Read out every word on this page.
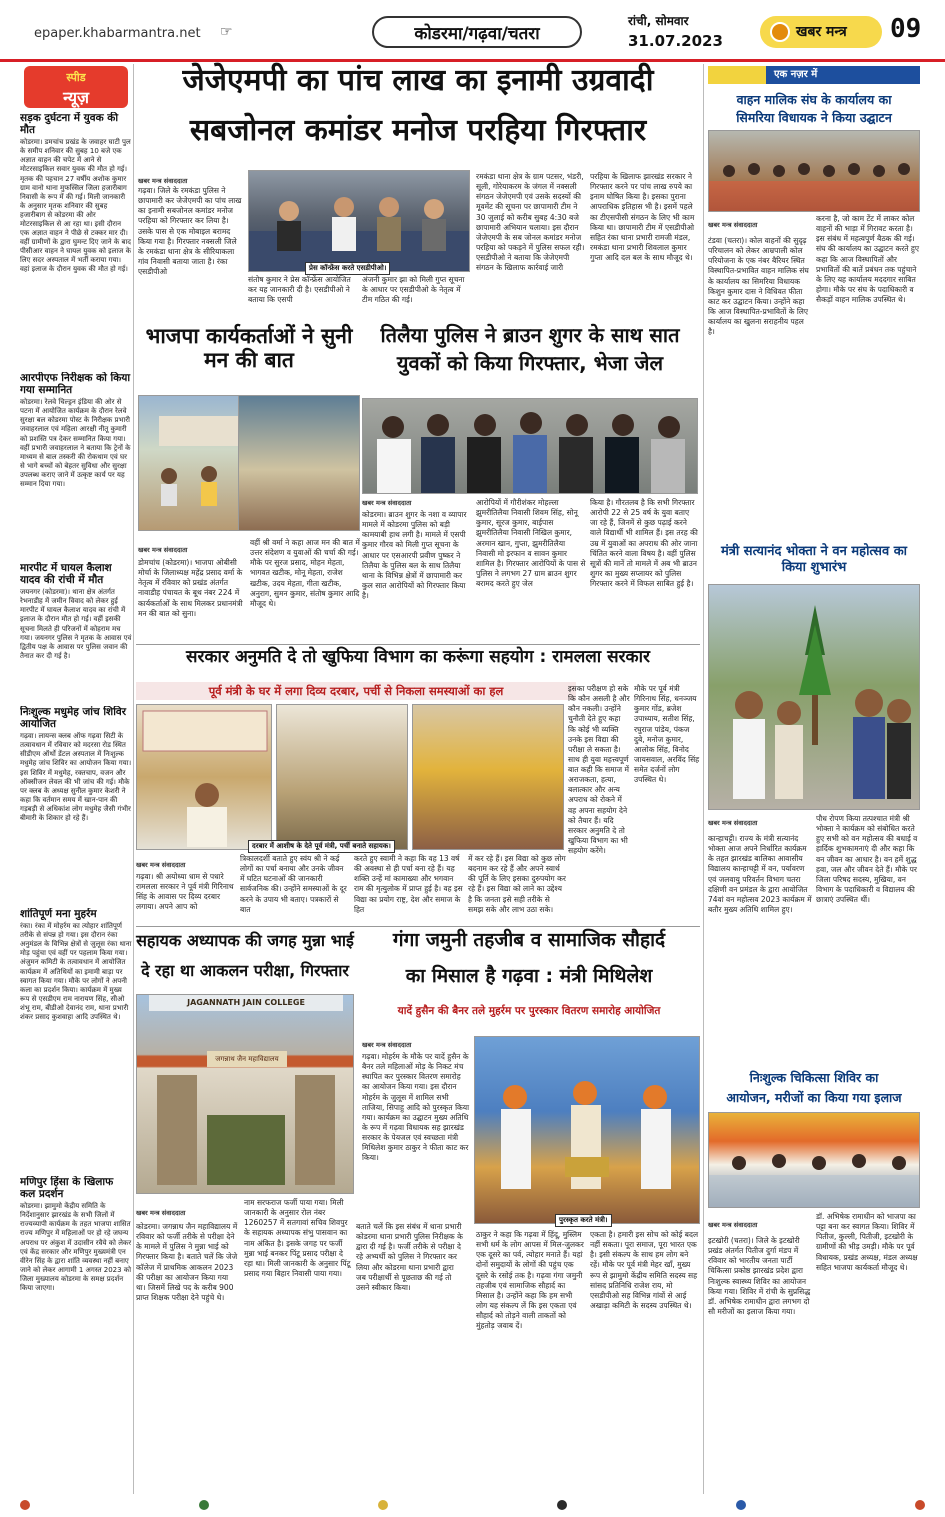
epaper.khabarmantra.net ☞	कोडरमा/गढ़वा/चतरा
रांची, सोमवार
31.07.2023	खबर मन्त्र	09
स्पीड
न्यूज़
सड़क दुर्घटना में युवक की मौत

कोडरमा। डमचांच प्रखंड के जवाहर घाटी पुल के समीप शनिवार की सुबह 10 बजे एक अज्ञात वाहन की चपेट में आने से मोटरसाइकिल सवार युवक की मौत हो गई। मृतक की पहचान 27 वर्षीय अशोक कुमार ग्राम वानो थाना मुफस्सिल जिला हजारीबाग निवासी के रूप में की गई। मिली जानकारी के अनुसार मृतक शनिवार की सुबह हजारीबाग से कोडरमा की ओर मोटरसाइकिल से आ रहा था। इसी दौरान एक अज्ञात वाहन ने पीछे से टक्कर मार दी। वहीं ग्रामीणों के द्वारा घुमन्ट दिए जाने के बाद पीसीआर वाहन ने घायल युवक को इलाज के लिए सदर अस्पताल में भर्ती कराया गया। वहां इलाज के दौरान युवक की मौत हो गई।

आरपीएफ निरीक्षक को किया गया सम्मानित

कोडरमा। रेलवे चिल्ड्रन इंडिया की ओर से पटना में आयोजित कार्यक्रम के दौरान रेलवे सुरक्षा बल कोडरमा पोस्ट के निरीक्षक प्रभारी जवाहरलाल एवं महिला आरक्षी नीतू कुमारी को प्रशस्ति पत्र देकर सम्मानित किया गया। वहीं प्रभारी जवाहरलाल ने बताया कि ट्रेनों के माध्यम से बाल तस्करी की रोकथाम एवं घर से भागे बच्चों को बेहतर सुविधा और सुरक्षा उपलब्ध कराए जाने में उत्कृष्ट कार्य पर यह सम्मान दिया गया।

मारपीट में घायल कैलाश यादव की रांची में मौत

जयनगर (कोडरमा)। थाना क्षेत्र अंतर्गत रेभनाडीह में जमीन विवाद को लेकर हुई मारपीट में घायल कैलाश यादव का रांची में इलाज के दौरान मौत हो गई। वहीं इसकी सूचना मिलते ही परिजनों में कोहराम मच गया। जयनगर पुलिस ने मृतक के आवास एवं द्वितीय पक्ष के आवास पर पुलिस जवान की तैनात कर दी गई है।

निःशुल्क मधुमेह जांच शिविर आयोजित

गढ़वा। लायन्स क्लब ऑफ गढ़वा सिटी के तत्वावधान में रविवार को मदरसा रोड स्थित सीडीएम ऑर्थो डेंटल अस्पताल में निःशुल्क मधुमेह जांच शिविर का आयोजन किया गया। इस शिविर में मधुमेह, रक्तचाप, वजन और ऑक्सीजन लेवल की भी जांच की गई। मौके पर क्लब के अध्यक्ष सुनील कुमार केशरी ने कहा कि वर्तमान समय में खान-पान की गड़बड़ी से अधिकांश लोग मधुमेह जैसी गंभीर बीमारी के शिकार हो रहे हैं।

शांतिपूर्ण मना मुहर्रम

रंका। रंका में मोहर्रम का त्योहार शांतिपूर्ण तरीके से संपन्न हो गया। इस दौरान रंका अनुमंडल के विभिन्न क्षेत्रों से जुलूस रंका थाना मोड़ पहुंचा एवं वहीं पर पहलाम किया गया। अंजुमन कमिटी के तत्वावधान में आयोजित कार्यक्रम में अतिथियों का इमामी बाड़ा पर स्वागत किया गया। मौके पर लोगों ने अपनी कला का प्रदर्शन किया। कार्यक्रम में मुख्य रूप से एसडीएम राम नारायण सिंह, सीओ शंभू राम, बीडीओ देवानंद राम, थाना प्रभारी शंकर प्रसाद कुशवाहा आदि उपस्थित थे।

मणिपुर हिंसा के खिलाफ कल प्रदर्शन

कोडरमा। झामुमो केंद्रीय समिति के निर्देशानुसार झारखंड के सभी जिलों में राज्यव्यापी कार्यक्रम के तहत भाजपा शासित राज्य मणिपुर में महिलाओं पर हो रहे जघन्य अपराध पर अंकुश में उदासीन रवैये को लेकर एवं केंद्र सरकार और मणिपुर मुख्यमंत्री एन वीरेन सिंह के द्वारा शांति व्यवस्था नहीं बनाए जाने को लेकर आगामी 1 अगस्त 2023 को जिला मुख्यालय कोडरमा के समक्ष प्रदर्शन किया जाएगा।

जेजेएमपी का पांच लाख का इनामी उग्रवादी
सबजोनल कमांडर मनोज परहिया गिरफ्तार
खबर मन्त्र संवाददाता
प्रेस कॉन्फ्रेंस करते एसडीपीओ।
गढ़वा। जिले के रमकंडा पुलिस ने छापामारी कर जेजेएमपी का पांच लाख का इनामी सबजोनल कमांडर मनोज परहिया को गिरफ्तार कर लिया है। उसके पास से एक मोबाइल बरामद किया गया है। गिरफ्तार नक्सली जिले के रमकंडा थाना क्षेत्र के सीरियाकला गांव निवासी बताया जाता है। रंका एसडीपीओ
संतोष कुमार ने प्रेस कॉन्फ्रेंस आयोजित कर यह जानकारी दी है। एसडीपीओ ने बताया कि एसपी
अंजनी कुमार झा को मिली गुप्त सूचना के आधार पर एसडीपीओ के नेतृत्व में टीम गठित की गई।
रमकंडा थाना क्षेत्र के ग्राम पटसर, भंडरी, सूली, गोरेयाकरम के जंगल में नक्सली संगठन जेजेएमपी एवं उसके सदस्यों की मूवमेंट की सूचना पर छापामारी टीम ने 30 जुलाई को करीब सुबह 4:30 बजे छापामारी अभियान चलाया। इस दौरान जेजेएमपी के सब जोनल कमांडर मनोज परहिया को पकड़ने में पुलिस सफल रही। एसडीपीओ ने बताया कि जेजेएमपी संगठन के खिलाफ कार्रवाई जारी
परहिया के खिलाफ झारखंड सरकार ने गिरफ्तार करने पर पांच लाख रुपये का इनाम घोषित किया है। इसका पुराना आपराधिक इतिहास भी है। इसमें पहले का टीएसपीसी संगठन के लिए भी काम किया था। छापामारी टीम में एसडीपीओ सहित रंका थाना प्रभारी रामजी मंडल, रमकंडा थाना प्रभारी शिवलाल कुमार गुप्ता आदि दल बल के साथ मौजूद थे।
भाजपा कार्यकर्ताओं ने सुनी मन की बात
खबर मन्त्र संवाददाता
डोमचांच (कोडरमा)। भाजपा ओबीसी मोर्चा के जिलाध्यक्ष महेंद्र प्रसाद वर्मा के नेतृत्व में रविवार को प्रखंड अंतर्गत नावाडीह पंचायत के बूथ नंबर 224 में कार्यकर्ताओं के साथ मिलकर प्रधानमंत्री मन की बात को सुना।
वहीं श्री वर्मा ने कहा आज मन की बात में उत्तर संदेशण व युवाओं की चर्चा की गई। मौके पर सुरज प्रसाद, मोहन मेहता, भागवत खटीक, मोनू मेहता, राजेश खटीक, उदय मेहता, गीता खटीक, अनुराग, सुमन कुमार, संतोष कुमार आदि मौजूद थे।
तिलैया पुलिस ने ब्राउन शुगर के साथ सात
युवकों को किया गिरफ्तार, भेजा जेल
खबर मन्त्र संवाददाता
कोडरमा। ब्राउन शुगर के नशा व व्यापार मामले में कोडरमा पुलिस को बड़ी कामयाबी हाथ लगी है। मामले में एसपी कुमार गौरव को मिली गुप्त सूचना के आधार पर एसआरपी प्रवीण पुष्कर ने तिलैया के पुलिस बल के साथ तिलैया थाना के विभिन्न क्षेत्रों में छापामारी कर कुल सात आरोपियों को गिरफ्तार किया है।
आरोपियों में गौरीशंकर मोहल्ला झुमरीतिलैया निवासी शिवम सिंह, सोनू कुमार, सूरज कुमार, बाईपास झुमरीतिलैया निवासी निखिल कुमार, अरमान खान, गुप्ता, झुमरीतिलैया निवासी मो इरफान व सावन कुमार शामिल है। गिरफ्तार आरोपियों के पास से पुलिस ने लगभग 27 ग्राम ब्राउन शुगर बरामद करते हुए जेल
किया है। गौरतलब है कि सभी गिरफ्तार आरोपी 22 से 25 वर्ष के युवा बताए जा रहे हैं, जिनमें से कुछ पढ़ाई करने वाले विद्यार्थी भी शामिल हैं। इस तरह की उम्र में युवाओं का अपराध की ओर जाना चिंतित करने वाला विषय है। वहीं पुलिस सूत्रों की मानें तो मामले में अब भी ब्राउन शुगर का मुख्य सप्लायर को पुलिस गिरफ्तार करने में विफल साबित हुई है।
सरकार अनुमति दे तो खुफिया विभाग का करूंगा सहयोग : रामलला सरकार
पूर्व मंत्री के घर में लगा दिव्य दरबार, पर्ची से निकला समस्याओं का हल
दरबार में आशीष के देते पूर्व मंत्री, पर्ची बनाते सहायक।
खबर मन्त्र संवाददाता
गढ़वा। श्री अयोध्या धाम से पधारे रामलला सरकार ने पूर्व मंत्री गिरिनाथ सिंह के आवास पर दिव्य दरबार लगाया। अपने आप को
त्रिकालदर्शी बताते हुए स्वंय श्री ने कई लोगों का पर्चा बनाया और उनके जीवन में घटित घटनाओं की जानकारी सार्वजनिक की। उन्होंने समस्याओं के दूर करने के उपाय भी बताए। पत्रकारों से बात
करते हुए स्वामी ने कहा कि वह 13 वर्ष की अवस्था से ही पर्चा बना रहे हैं। यह शक्ति उन्हें मां कामाख्या और भगवान राम की मृत्युलोक में प्राप्त हुई है। वह इस विद्या का प्रयोग राष्ट्र, देश और समाज के हित
में कर रहे हैं। इस विद्या को कुछ लोग बदनाम कर रहे हैं और अपने स्वार्थ की पूर्ति के लिए इसका दुरुपयोग कर रहे हैं। इस विद्या को लाने का उद्देश्य है कि जनता इसे सही तरीके से समझ सके और लाभ उठा सके।
इसका परीक्षण हो सके कि कौन असली है और कौन नकली। उन्होंने चुनौती देते हुए कहा कि कोई भी व्यक्ति उनके इस विद्या की परीक्षा ले सकता है। साथ ही युवा महत्त्वपूर्ण बात कही कि समाज में अराजकता, हत्या, बलात्कार और अन्य अपराध को रोकने में वह अपना सहयोग देने को तैयार हैं। यदि सरकार अनुमति दे तो खुफिया विभाग का भी सहयोग करेंगे।
मौके पर पूर्व मंत्री गिरिनाथ सिंह, धनञ्जय कुमार गोंड, ब्रजेश उपाध्याय, सतीश सिंह, रघुराज पांडेय, पंकज दुबे, मनोज कुमार, आलोक सिंह, विनोद जायसवाल, अरविंद सिंह समेत दर्जनों लोग उपस्थित थे।
सहायक अध्यापक की जगह मुन्ना भाई
दे रहा था आकलन परीक्षा, गिरफ्तार
JAGANNATH JAIN COLLEGE
जगन्नाथ जैन महाविद्यालय
खबर मन्त्र संवाददाता
कोडरमा। जगन्नाथ जैन महाविद्यालय में रविवार को फर्जी तरीके से परीक्षा देने के मामले में पुलिस ने मुन्ना भाई को गिरफ्तार किया है। बताते चलें कि जेजे कॉलेज में प्राथमिक आकलन 2023 की परीक्षा का आयोजन किया गया था। जिसमें लिखे पद के करीब 900 प्राप्त शिक्षक परीक्षा देने पहुंचे थे।
नाम सरफराज फर्जी पाया गया। मिली जानकारी के अनुसार रोल नंबर 1260257 में सतगावां सचिव शिवपुर के सहायक अध्यापक संभु पासवान का नाम अंकित है। इसके जगह पर फर्जी मुन्ना भाई बनकर पिंटू प्रसाद परीक्षा दे रहा था। मिली जानकारी के अनुसार पिंटू प्रसाद गया बिहार निवासी पाया गया।
बताते चलें कि इस संबंध में थाना प्रभारी कोडरमा थाना प्रभारी पुलिस निरीक्षक के द्वारा दी गई है। फर्जी तरीके से परीक्षा दे रहे अभ्यर्थी को पुलिस ने गिरफ्तार कर लिया और कोडरमा थाना प्रभारी द्वारा जब परीक्षार्थी से पूछताछ की गई तो उसने स्वीकार किया।
गंगा जमुनी तहजीब व सामाजिक सौहार्द
का मिसाल है गढ़वा : मंत्री मिथिलेश
यादें हुसैन की बैनर तले मुहर्रम पर पुरस्कार वितरण समारोह आयोजित
खबर मन्त्र संवाददाता
पुरस्कृत करते मंत्री।
गढ़वा। मोहर्रम के मौके पर यादें हुसैन के बैनर तले महिलाओं मोड़ के निकट मंच स्थापित कर पुरस्कार वितरण समारोह का आयोजन किया गया। इस दौरान मोहर्रम के जुलूस में शामिल सभी ताजिया, सिपाहु आदि को पुरस्कृत किया गया। कार्यक्रम का उद्घाटन मुख्य अतिथि के रूप में गढ़वा विधायक सह झारखंड सरकार के पेयजल एवं स्वच्छता मंत्री मिथिलेश कुमार ठाकुर ने फीता काट कर किया।
ठाकुर ने कहा कि गढ़वा में हिंदू, मुस्लिम सभी धर्म के लोग आपस में मिल-जुलकर एक दूसरे का पर्व, त्योहार मनाते हैं। यहां दोनों समुदायों के लोगों की पहुंच एक दूसरे के रसोई तक है। गढ़वा गंगा जमुनी तहजीब एवं सामाजिक सौहार्द का मिसाल है। उन्होंने कहा कि हम सभी लोग यह संकल्प लें कि इस एकता एवं सौहार्द को तोड़ने वाली ताकतों को मुंहतोड़ जवाब दें।
एकता है। हमारी इस सोच को कोई बदल नहीं सकता। पूरा समाज, पूरा भारत एक है। इसी संकल्प के साथ हम लोग बने रहें। मौके पर पूर्व मंत्री मेहर खाँ, मुख्य रूप से झामुमो केंद्रीय समिति सदस्य सह सांसद प्रतिनिधि राजेश राय, मो एसडीपीओ सह विभिन्न गांवों से आई अखाड़ा कमिटी के सदस्य उपस्थित थे।
एक नज़र में
वाहन मालिक संघ के कार्यालय का
सिमरिया विधायक ने किया उद्घाटन
खबर मन्त्र संवाददाता
टंडवा (चतरा)। कोल वाहनों की सुदृढ़ परिचालन को लेकर आम्रपाली कोल परियोजना के एक नंबर बैरियर स्थित विस्थापित-प्रभावित वाहन मालिक संघ के कार्यालय का सिमरिया विधायक किशुन कुमार दास ने विधिवत फीता काट कर उद्घाटन किया। उन्होंने कहा कि आज विस्थापित-प्रभावितों के लिए कार्यालय का खुलना सराहनीय पहल है।
करना है, जो काम टेंट में लाकर कोल वाहनों की भाड़ा में गिरावट करता है। इस संबंध में महत्वपूर्ण बैठक की गई। संघ की कार्यालय का उद्घाटन करते हुए कहा कि आज विस्थापितों और प्रभावितों की बातें प्रबंधन तक पहुंचाने के लिए यह कार्यालय मददगार साबित होगा। मौके पर संघ के पदाधिकारी व सैकड़ों वाहन मालिक उपस्थित थे।
मंत्री सत्यानंद भोक्ता ने वन महोत्सव का किया शुभारंभ
खबर मन्त्र संवाददाता
कान्हाचट्टी। राज्य के मंत्री सत्यानंद भोक्ता आज अपने निर्धारित कार्यक्रम के तहत झारखंड बालिका आवासीय विद्यालय कान्हाचट्टी में वन, पर्यावरण एवं जलवायु परिवर्तन विभाग चतरा दक्षिणी वन प्रमंडल के द्वारा आयोजित 74वां वन महोत्सव 2023 कार्यक्रम में बतौर मुख्य अतिथि शामिल हुए।
पौध रोपण किया तत्पश्चात मंत्री श्री भोक्ता ने कार्यक्रम को संबोधित करते हुए सभी को वन महोत्सव की बधाई व हार्दिक शुभकामनाएं दी और कहा कि वन जीवन का आधार है। वन हमें शुद्ध हवा, जल और जीवन देते हैं। मौके पर जिला परिषद सदस्य, मुखिया, वन विभाग के पदाधिकारी व विद्यालय की छात्राएं उपस्थित थीं।
निःशुल्क चिकित्सा शिविर का
आयोजन, मरीजों का किया गया इलाज
खबर मन्त्र संवाददाता
इटखोरी (चतरा)। जिले के इटखोरी प्रखंड अंतर्गत पितीज दुर्गा मंडप में रविवार को भारतीय जनता पार्टी चिकित्सा प्रकोष्ठ झारखंड प्रदेश द्वारा निःशुल्क स्वास्थ्य शिविर का आयोजन किया गया। शिविर में रांची के सुप्रसिद्ध डॉ. अभिषेक रामाधीन द्वारा लगभग दो सौ मरीजों का इलाज किया गया।
डॉ. अभिषेक रामाधीन को भाजपा का पट्टा बना कर स्वागत किया। शिविर में पितीज, कुल्ली, पितीजी, इटखोरी के ग्रामीणों की भीड़ उमड़ी। मौके पर पूर्व विधायक, प्रखंड अध्यक्ष, मंडल अध्यक्ष सहित भाजपा कार्यकर्ता मौजूद थे।
